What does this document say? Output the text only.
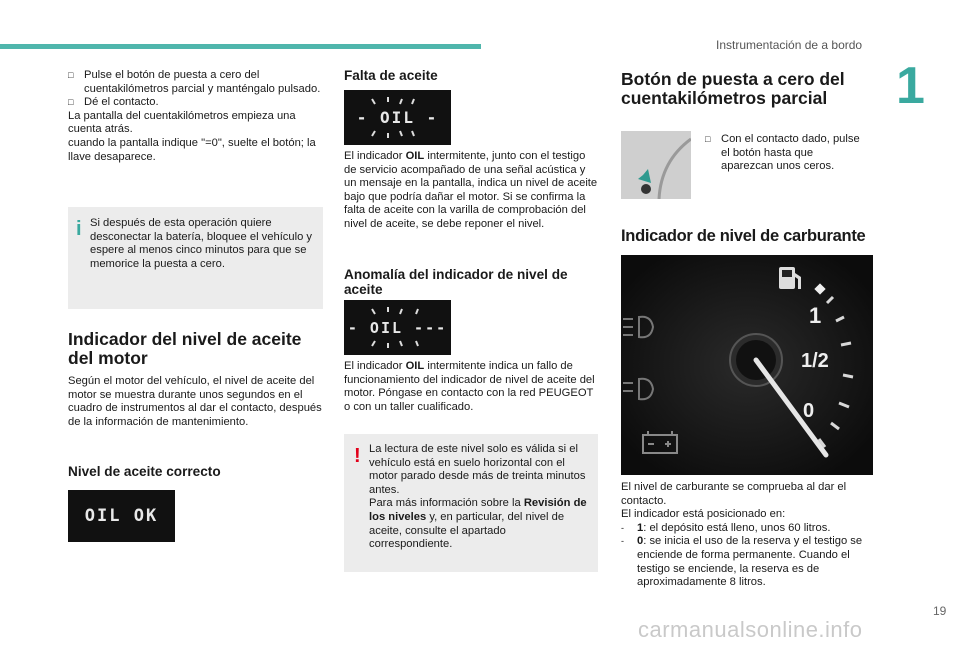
Instrumentación de a bordo
1
□ Pulse el botón de puesta a cero del cuentakilómetros parcial y manténgalo pulsado.
□ Dé el contacto.

La pantalla del cuentakilómetros empieza una cuenta atrás.

cuando la pantalla indique "=0", suelte el botón; la llave desaparece.

i Si después de esta operación quiere desconectar la batería, bloquee el vehículo y espere al menos cinco minutos para que se memorice la puesta a cero.

Indicador del nivel de aceite del motor

Según el motor del vehículo, el nivel de aceite del motor se muestra durante unos segundos en el cuadro de instrumentos al dar el contacto, después de la información de mantenimiento.

Nivel de aceite correcto

OIL OK

Falta de aceite

- OIL -

El indicador OIL intermitente, junto con el testigo de servicio acompañado de una señal acústica y un mensaje en la pantalla, indica un nivel de aceite bajo que podría dañar el motor. Si se confirma la falta de aceite con la varilla de comprobación del nivel de aceite, se debe reponer el nivel.

Anomalía del indicador de nivel de aceite

- OIL ---

El indicador OIL intermitente indica un fallo de funcionamiento del indicador de nivel de aceite del motor. Póngase en contacto con la red PEUGEOT o con un taller cualificado.

! La lectura de este nivel solo es válida si el vehículo está en suelo horizontal con el motor parado desde más de treinta minutos antes.

Para más información sobre la Revisión de los niveles y, en particular, del nivel de aceite, consulte el apartado correspondiente.

Botón de puesta a cero del cuentakilómetros parcial

□ Con el contacto dado, pulse el botón hasta que aparezcan unos ceros.

Indicador de nivel de carburante

1
1/2
0

El nivel de carburante se comprueba al dar el contacto.

El indicador está posicionado en:

-	1: el depósito está lleno, unos 60 litros.
-	0: se inicia el uso de la reserva y el testigo se enciende de forma permanente. Cuando el testigo se enciende, la reserva es de aproximadamente 8 litros.
19
carmanualsonline.info
